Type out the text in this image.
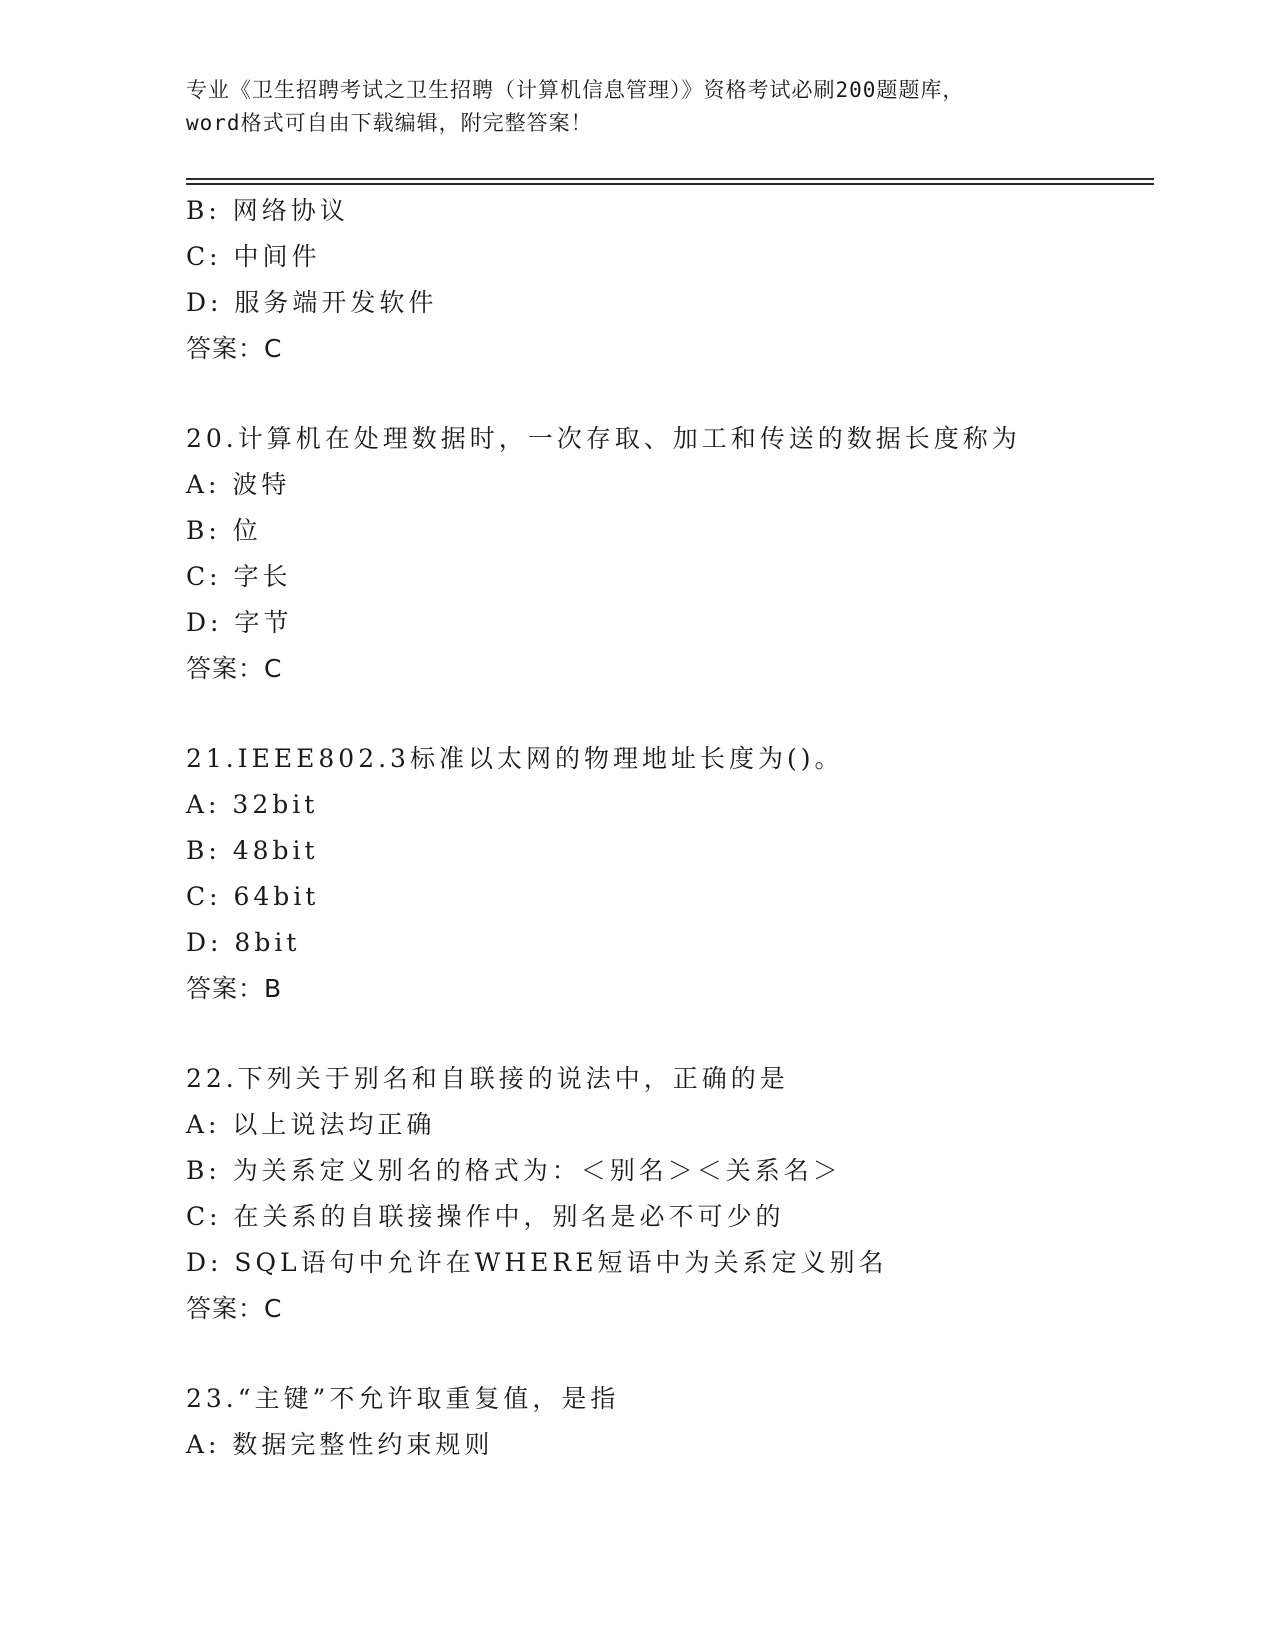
专业《卫生招聘考试之卫生招聘（计算机信息管理）》资格考试必刷200题题库，
word格式可自由下载编辑，附完整答案！
B: 网络协议
C: 中间件
D: 服务端开发软件
答案：C
20.计算机在处理数据时，一次存取、加工和传送的数据长度称为
A: 波特
B: 位
C: 字长
D: 字节
答案：C
21.IEEE802.3标准以太网的物理地址长度为()。
A: 32bit
B: 48bit
C: 64bit
D: 8bit
答案：B
22.下列关于别名和自联接的说法中，正确的是
A: 以上说法均正确
B: 为关系定义别名的格式为：＜别名＞＜关系名＞
C: 在关系的自联接操作中，别名是必不可少的
D: SQL语句中允许在WHERE短语中为关系定义别名
答案：C
23.“主键”不允许取重复值，是指
A: 数据完整性约束规则
